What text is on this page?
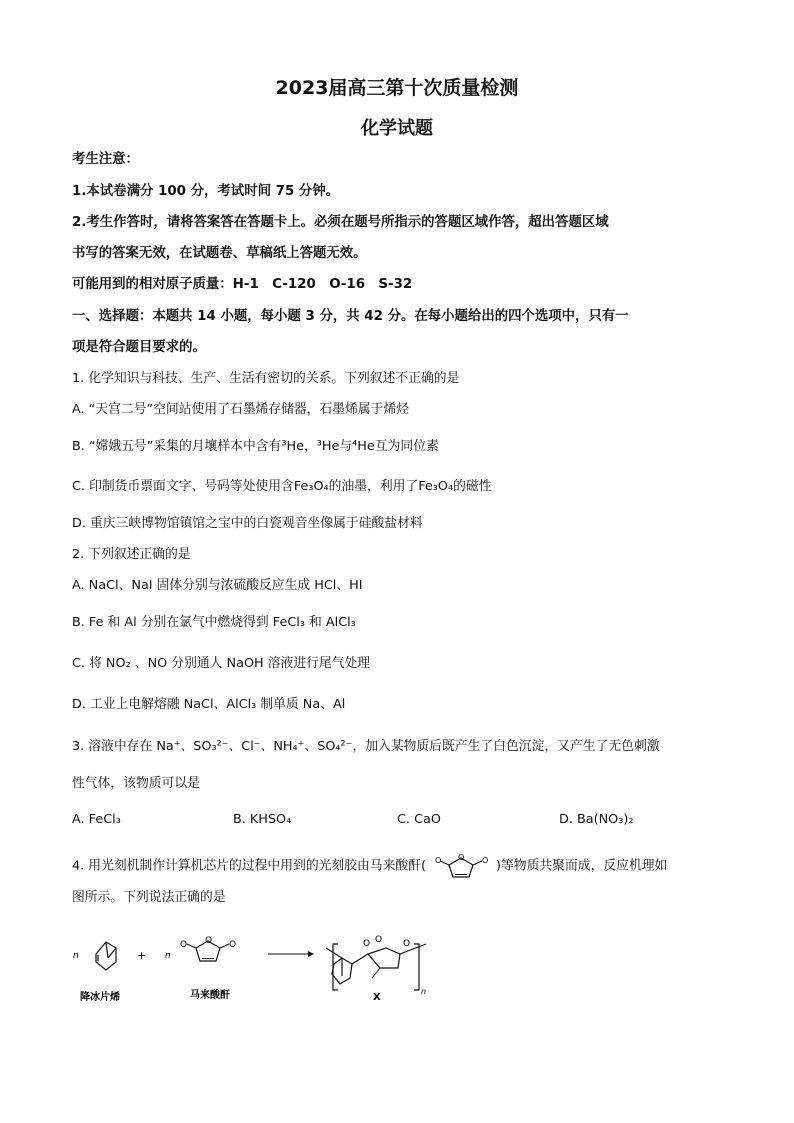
2023届高三第十次质量检测
化学试题
考生注意：
1.本试卷满分 100 分，考试时间 75 分钟。
2.考生作答时，请将答案答在答题卡上。必须在题号所指示的答题区域作答，超出答题区域
书写的答案无效，在试题卷、草稿纸上答题无效。
可能用到的相对原子质量：H-1　C-120　O-16　S-32
一、选择题：本题共 14 小题，每小题 3 分，共 42 分。在每小题给出的四个选项中，只有一
项是符合题目要求的。
1. 化学知识与科技、生产、生活有密切的关系。下列叙述不正确的是
A. “天宫二号”空间站使用了石墨烯存储器，石墨烯属于烯烃
B. “嫦娥五号”采集的月壤样本中含有³He，³He与⁴He互为同位素
C. 印制货币票面文字、号码等处使用含Fe₃O₄的油墨，利用了Fe₃O₄的磁性
D. 重庆三峡博物馆镇馆之宝中的白瓷观音坐像属于硅酸盐材料
2. 下列叙述正确的是
A. NaCl、NaI 固体分别与浓硫酸反应生成 HCl、HI
B. Fe 和 Al 分别在氯气中燃烧得到 FeCl₃ 和 AlCl₃
C. 将 NO₂ 、NO 分别通人 NaOH 溶液进行尾气处理
D. 工业上电解熔融 NaCl、AlCl₃ 制单质 Na、Al
3. 溶液中存在 Na⁺、SO₃²⁻、Cl⁻、NH₄⁺、SO₄²⁻，加入某物质后既产生了白色沉淀，又产生了无色刺激
性气体，该物质可以是
A. FeCl₃	B. KHSO₄	C. CaO	D. Ba(NO₃)₂
4. 用光刻机制作计算机芯片的过程中用到的光刻胶由马来酸酐( O	O
O
)等物质共聚而成，反应机理如
图所示。下列说法正确的是
n
降冰片烯
+ n
O	O
O
马来酸酐
O
O	O
n
X
